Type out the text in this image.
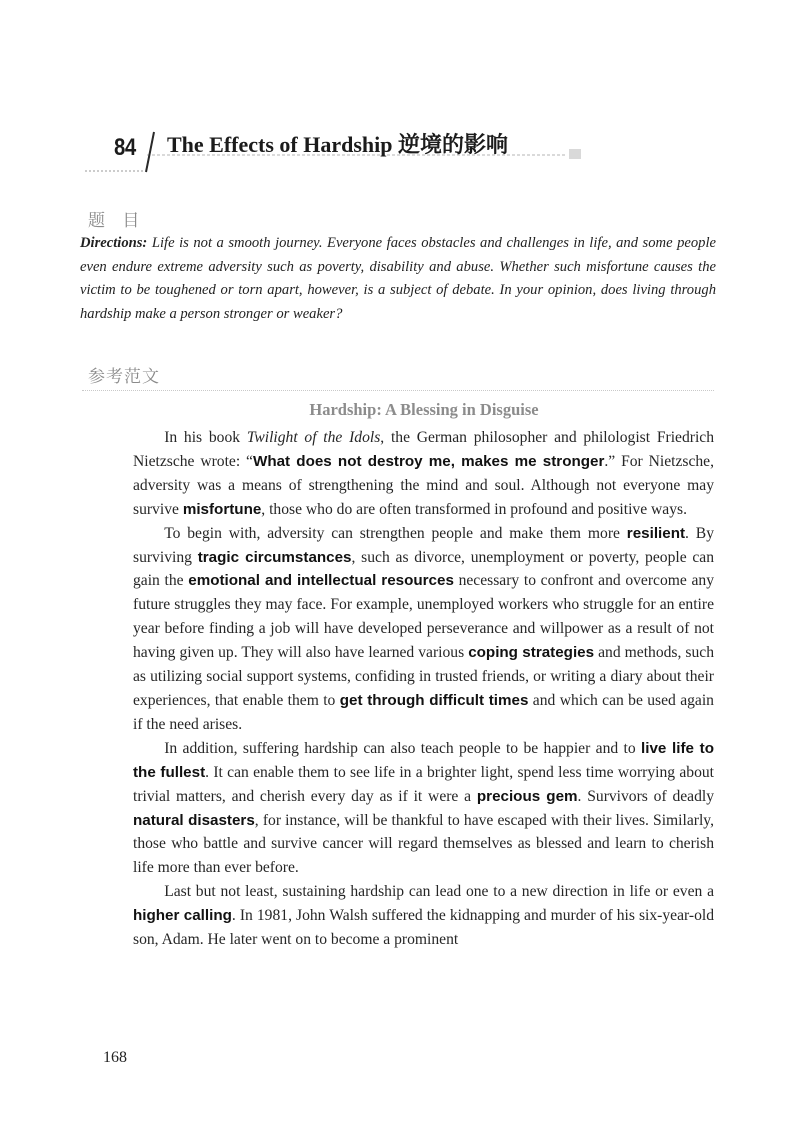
84 The Effects of Hardship 逆境的影响
题 目
Directions: Life is not a smooth journey. Everyone faces obstacles and challenges in life, and some people even endure extreme adversity such as poverty, disability and abuse. Whether such misfortune causes the victim to be toughened or torn apart, however, is a subject of debate. In your opinion, does living through hardship make a person stronger or weaker?
参考范文
Hardship: A Blessing in Disguise

In his book Twilight of the Idols, the German philosopher and philologist Friedrich Nietzsche wrote: “What does not destroy me, makes me stronger.” For Nietzsche, adversity was a means of strengthening the mind and soul. Although not everyone may survive misfortune, those who do are often transformed in profound and positive ways.

To begin with, adversity can strengthen people and make them more resilient. By surviving tragic circumstances, such as divorce, unemployment or poverty, people can gain the emotional and intellectual resources necessary to confront and overcome any future struggles they may face. For example, unemployed workers who struggle for an entire year before finding a job will have developed perseverance and willpower as a result of not having given up. They will also have learned various coping strategies and methods, such as utilizing social support systems, confiding in trusted friends, or writing a diary about their experiences, that enable them to get through difficult times and which can be used again if the need arises.

In addition, suffering hardship can also teach people to be happier and to live life to the fullest. It can enable them to see life in a brighter light, spend less time worrying about trivial matters, and cherish every day as if it were a precious gem. Survivors of deadly natural disasters, for instance, will be thankful to have escaped with their lives. Similarly, those who battle and survive cancer will regard themselves as blessed and learn to cherish life more than ever before.

Last but not least, sustaining hardship can lead one to a new direction in life or even a higher calling. In 1981, John Walsh suffered the kidnapping and murder of his six-year-old son, Adam. He later went on to become a prominent

168
